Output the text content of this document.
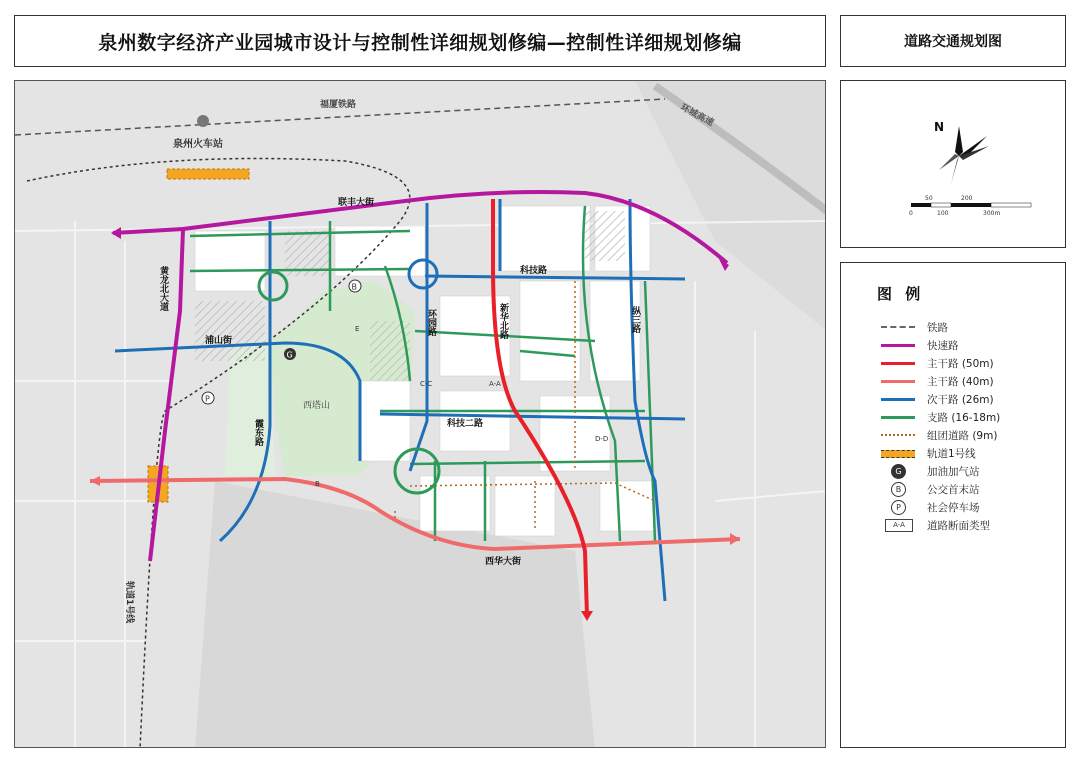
泉州数字经济产业园城市设计与控制性详细规划修编—控制性详细规划修编	道路交通规划图
福厦铁路	环城高速
泉州火车站
轨道1号线
B
G
P
联丰大街
黄龙北大道
浦山街
科技路
科技二路
新华北路	纵三路
环园路
西华大街
霞东路
西塔山
A-A
B
C-C
D-D
E
N
0
50
100
200
300m
图 例
铁路
快速路
主干路 (50m)
主干路 (40m)
次干路 (26m)
支路 (16-18m)
组团道路 (9m)
轨道1号线
G	加油加气站
B	公交首末站
P	社会停车场
A-A	道路断面类型
